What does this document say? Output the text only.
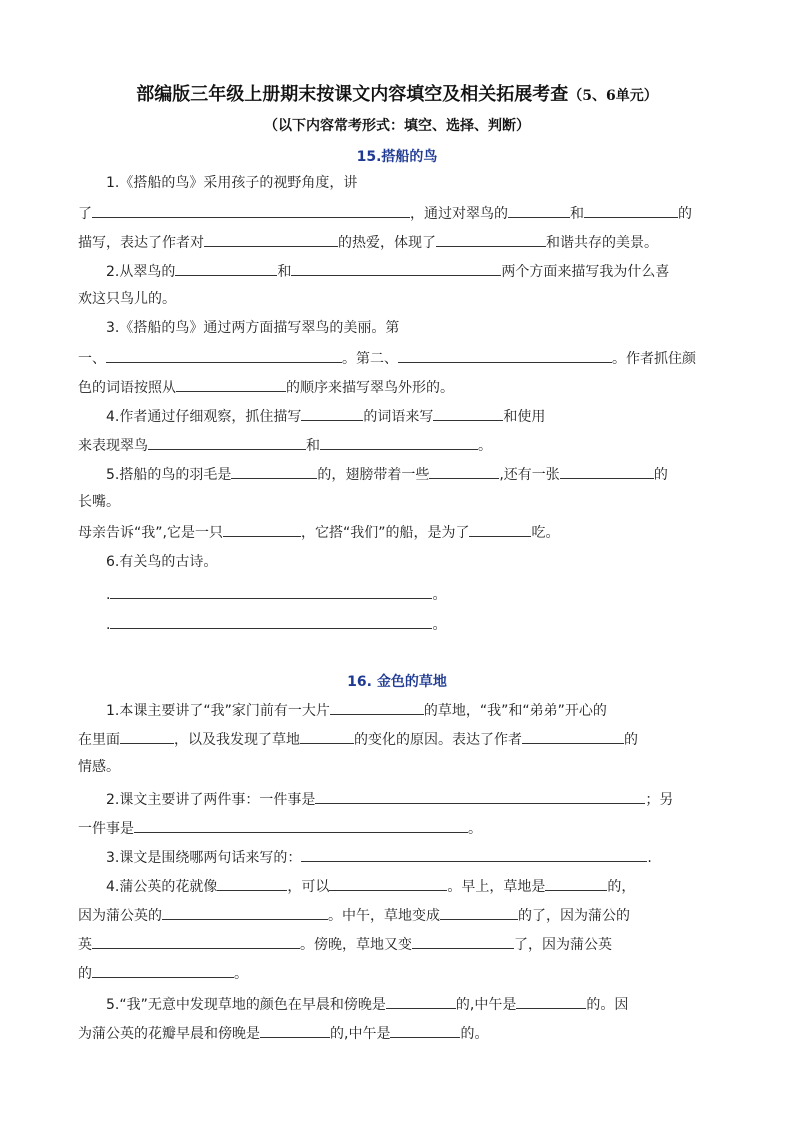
部编版三年级上册期末按课文内容填空及相关拓展考查（5、6单元）
（以下内容常考形式：填空、选择、判断）
15.搭船的鸟
1.《搭船的鸟》采用孩子的视野角度，讲
了	，通过对翠鸟的	和	的
描写，表达了作者对	的热爱，体现了	和谐共存的美景。
2.从翠鸟的	和	两个方面来描写我为什么喜
欢这只鸟儿的。
3.《搭船的鸟》通过两方面描写翠鸟的美丽。第
一、	。第二、	。作者抓住颜
色的词语按照从	的顺序来描写翠鸟外形的。
4.作者通过仔细观察，抓住描写	的词语来写	和使用
来表现翠鸟	和	。
5.搭船的鸟的羽毛是	的，翅膀带着一些	,还有一张	的
长嘴。
母亲告诉“我”,它是一只	，它搭“我们”的船，是为了	吃。
6.有关鸟的古诗。
.	。
.	。
16. 金色的草地
1.本课主要讲了“我”家门前有一大片	的草地，“我”和“弟弟”开心的
在里面	，以及我发现了草地	的变化的原因。表达了作者	的
情感。
2.课文主要讲了两件事：一件事是	；另
一件事是	。
3.课文是围绕哪两句话来写的：	.
4.蒲公英的花就像	，可以	。早上，草地是	的，
因为蒲公英的	。中午，草地变成	的了，因为蒲公的
英	。傍晚，草地又变	了，因为蒲公英
的	。
5.“我”无意中发现草地的颜色在早晨和傍晚是	的,中午是	的。因
为蒲公英的花瓣早晨和傍晚是	的,中午是	的。
